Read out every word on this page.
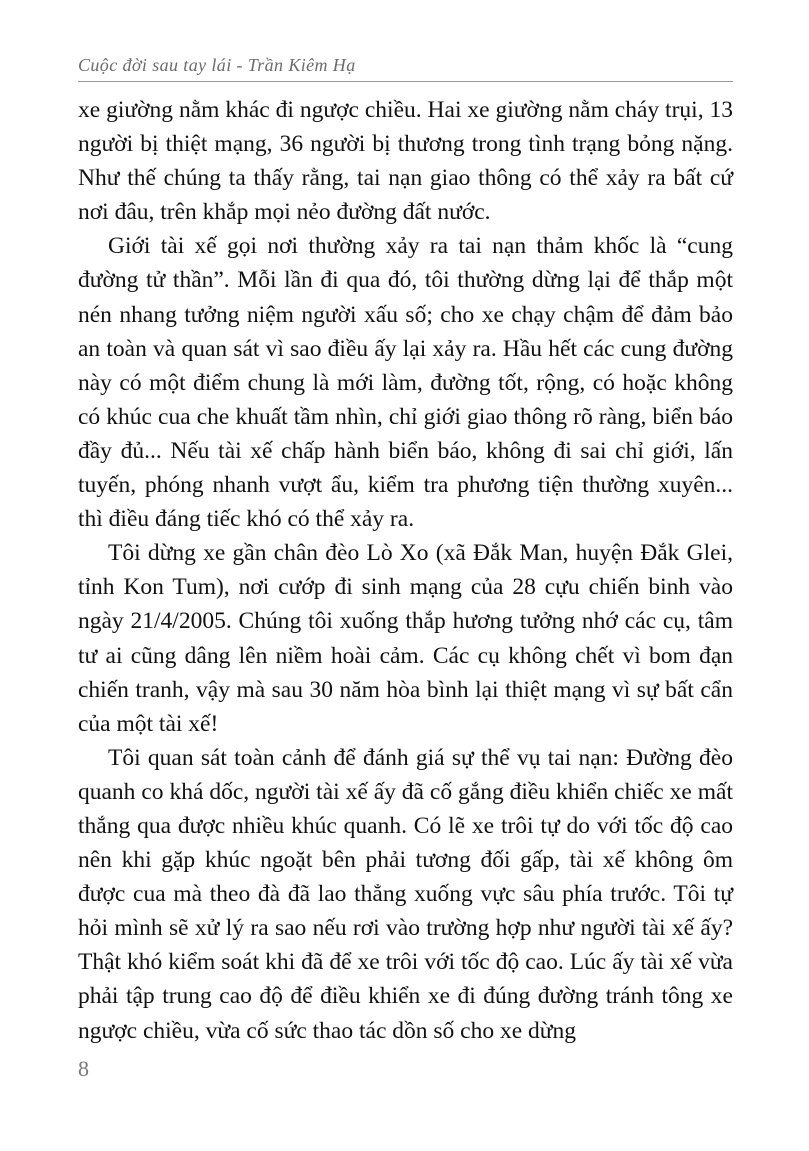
Cuộc đời sau tay lái - Trần Kiêm Hạ

xe giường nằm khác đi ngược chiều. Hai xe giường nằm cháy trụi, 13 người bị thiệt mạng, 36 người bị thương trong tình trạng bỏng nặng. Như thế chúng ta thấy rằng, tai nạn giao thông có thể xảy ra bất cứ nơi đâu, trên khắp mọi nẻo đường đất nước.

Giới tài xế gọi nơi thường xảy ra tai nạn thảm khốc là “cung đường tử thần”. Mỗi lần đi qua đó, tôi thường dừng lại để thắp một nén nhang tưởng niệm người xấu số; cho xe chạy chậm để đảm bảo an toàn và quan sát vì sao điều ấy lại xảy ra. Hầu hết các cung đường này có một điểm chung là mới làm, đường tốt, rộng, có hoặc không có khúc cua che khuất tầm nhìn, chỉ giới giao thông rõ ràng, biển báo đầy đủ... Nếu tài xế chấp hành biển báo, không đi sai chỉ giới, lấn tuyến, phóng nhanh vượt ẩu, kiểm tra phương tiện thường xuyên... thì điều đáng tiếc khó có thể xảy ra.

Tôi dừng xe gần chân đèo Lò Xo (xã Đắk Man, huyện Đắk Glei, tỉnh Kon Tum), nơi cướp đi sinh mạng của 28 cựu chiến binh vào ngày 21/4/2005. Chúng tôi xuống thắp hương tưởng nhớ các cụ, tâm tư ai cũng dâng lên niềm hoài cảm. Các cụ không chết vì bom đạn chiến tranh, vậy mà sau 30 năm hòa bình lại thiệt mạng vì sự bất cẩn của một tài xế!

Tôi quan sát toàn cảnh để đánh giá sự thể vụ tai nạn: Đường đèo quanh co khá dốc, người tài xế ấy đã cố gắng điều khiển chiếc xe mất thắng qua được nhiều khúc quanh. Có lẽ xe trôi tự do với tốc độ cao nên khi gặp khúc ngoặt bên phải tương đối gấp, tài xế không ôm được cua mà theo đà đã lao thẳng xuống vực sâu phía trước. Tôi tự hỏi mình sẽ xử lý ra sao nếu rơi vào trường hợp như người tài xế ấy? Thật khó kiểm soát khi đã để xe trôi với tốc độ cao. Lúc ấy tài xế vừa phải tập trung cao độ để điều khiển xe đi đúng đường tránh tông xe ngược chiều, vừa cố sức thao tác dồn số cho xe dừng

8
